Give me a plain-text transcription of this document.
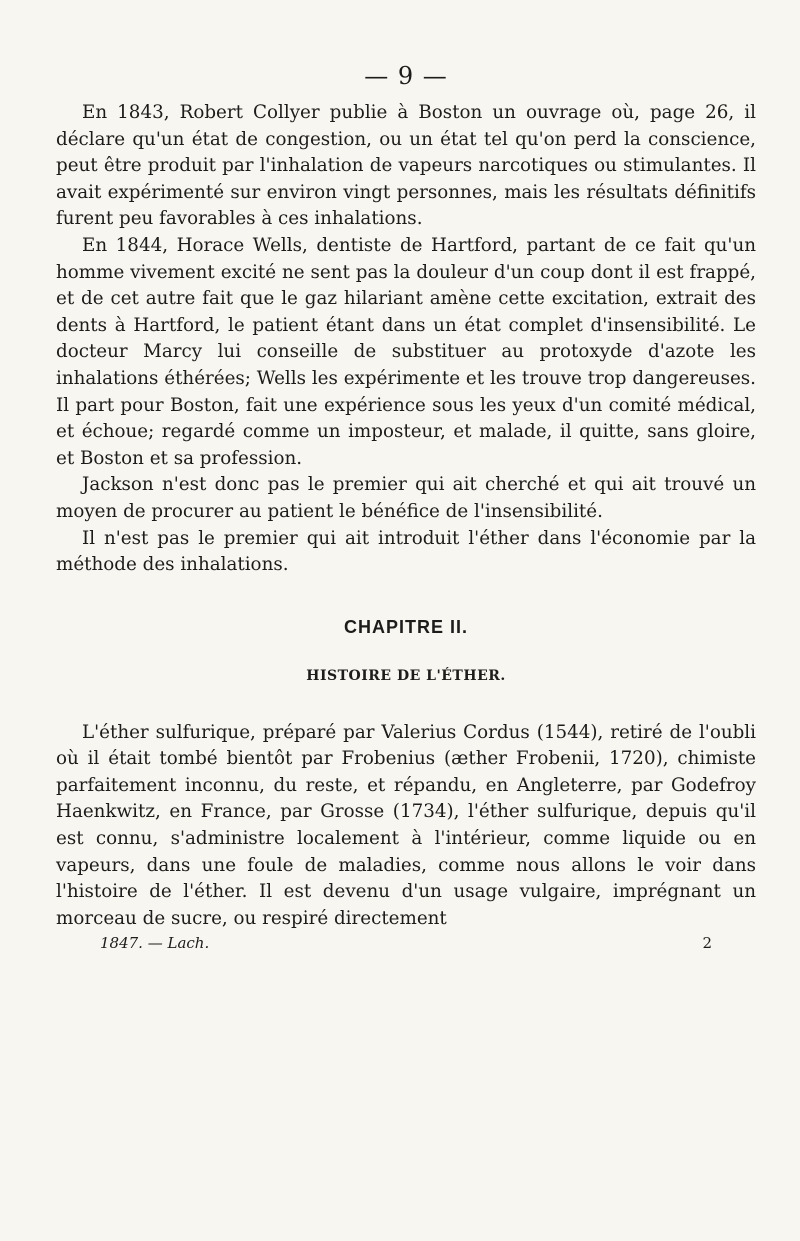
— 9 —

En 1843, Robert Collyer publie à Boston un ouvrage où, page 26, il déclare qu'un état de congestion, ou un état tel qu'on perd la conscience, peut être produit par l'inhalation de vapeurs narcotiques ou stimulantes. Il avait expérimenté sur environ vingt personnes, mais les résultats définitifs furent peu favorables à ces inhalations.

En 1844, Horace Wells, dentiste de Hartford, partant de ce fait qu'un homme vivement excité ne sent pas la douleur d'un coup dont il est frappé, et de cet autre fait que le gaz hilariant amène cette excitation, extrait des dents à Hartford, le patient étant dans un état complet d'insensibilité. Le docteur Marcy lui conseille de substituer au protoxyde d'azote les inhalations éthérées; Wells les expérimente et les trouve trop dangereuses. Il part pour Boston, fait une expérience sous les yeux d'un comité médical, et échoue; regardé comme un imposteur, et malade, il quitte, sans gloire, et Boston et sa profession.

Jackson n'est donc pas le premier qui ait cherché et qui ait trouvé un moyen de procurer au patient le bénéfice de l'insensibilité.

Il n'est pas le premier qui ait introduit l'éther dans l'économie par la méthode des inhalations.

CHAPITRE II.
HISTOIRE DE L'ÉTHER.

L'éther sulfurique, préparé par Valerius Cordus (1544), retiré de l'oubli où il était tombé bientôt par Frobenius (æther Frobenii, 1720), chimiste parfaitement inconnu, du reste, et répandu, en Angleterre, par Godefroy Haenkwitz, en France, par Grosse (1734), l'éther sulfurique, depuis qu'il est connu, s'administre localement à l'intérieur, comme liquide ou en vapeurs, dans une foule de maladies, comme nous allons le voir dans l'histoire de l'éther. Il est devenu d'un usage vulgaire, imprégnant un morceau de sucre, ou respiré directement

1847. — Lach.	2
